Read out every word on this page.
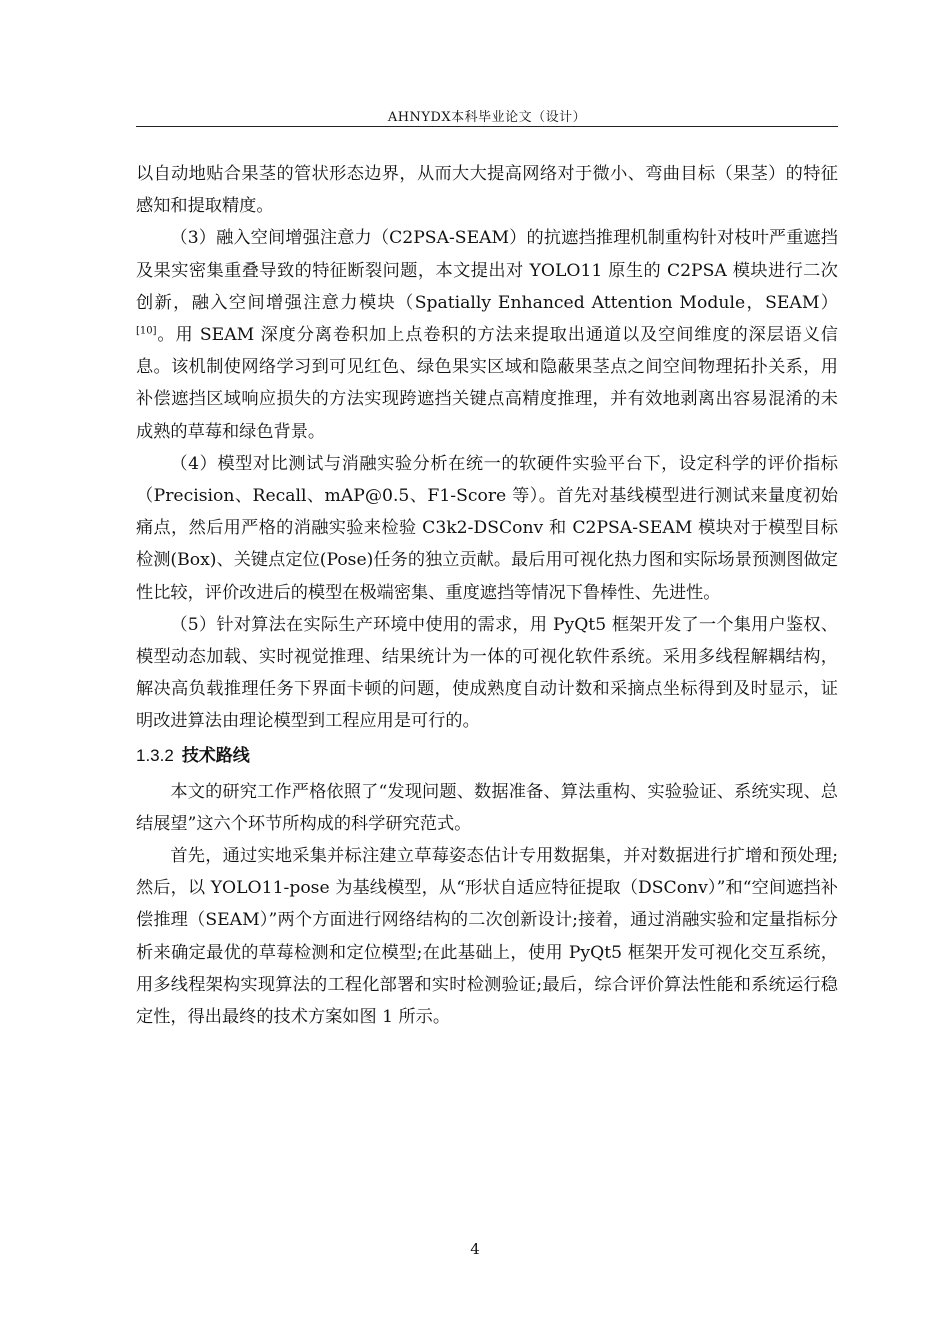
AHNYDX本科毕业论文（设计）

以自动地贴合果茎的管状形态边界，从而大大提高网络对于微小、弯曲目标（果茎）的特征感知和提取精度。

（3）融入空间增强注意力（C2PSA-SEAM）的抗遮挡推理机制重构针对枝叶严重遮挡及果实密集重叠导致的特征断裂问题，本文提出对 YOLO11 原生的 C2PSA 模块进行二次创新，融入空间增强注意力模块（Spatially Enhanced Attention Module，SEAM）[10]。用 SEAM 深度分离卷积加上点卷积的方法来提取出通道以及空间维度的深层语义信息。该机制使网络学习到可见红色、绿色果实区域和隐蔽果茎点之间空间物理拓扑关系，用补偿遮挡区域响应损失的方法实现跨遮挡关键点高精度推理，并有效地剥离出容易混淆的未成熟的草莓和绿色背景。

（4）模型对比测试与消融实验分析在统一的软硬件实验平台下，设定科学的评价指标（Precision、Recall、mAP@0.5、F1-Score 等）。首先对基线模型进行测试来量度初始痛点，然后用严格的消融实验来检验 C3k2-DSConv 和 C2PSA-SEAM 模块对于模型目标检测(Box)、关键点定位(Pose)任务的独立贡献。最后用可视化热力图和实际场景预测图做定性比较，评价改进后的模型在极端密集、重度遮挡等情况下鲁棒性、先进性。

（5）针对算法在实际生产环境中使用的需求，用 PyQt5 框架开发了一个集用户鉴权、模型动态加载、实时视觉推理、结果统计为一体的可视化软件系统。采用多线程解耦结构，解决高负载推理任务下界面卡顿的问题，使成熟度自动计数和采摘点坐标得到及时显示，证明改进算法由理论模型到工程应用是可行的。

1.3.2 技术路线

本文的研究工作严格依照了“发现问题、数据准备、算法重构、实验验证、系统实现、总结展望”这六个环节所构成的科学研究范式。

首先，通过实地采集并标注建立草莓姿态估计专用数据集，并对数据进行扩增和预处理;然后，以 YOLO11-pose 为基线模型，从“形状自适应特征提取（DSConv）”和“空间遮挡补偿推理（SEAM）”两个方面进行网络结构的二次创新设计;接着，通过消融实验和定量指标分析来确定最优的草莓检测和定位模型;在此基础上，使用 PyQt5 框架开发可视化交互系统，用多线程架构实现算法的工程化部署和实时检测验证;最后，综合评价算法性能和系统运行稳定性，得出最终的技术方案如图 1 所示。

4
